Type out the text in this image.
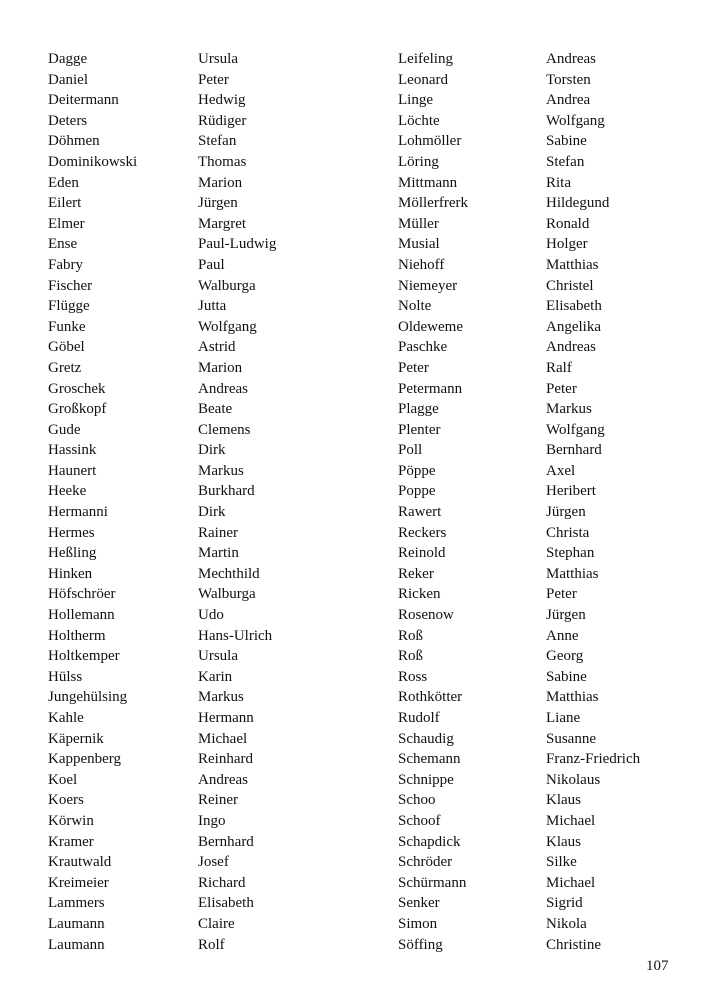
Dagge
Daniel
Deitermann
Deters
Döhmen
Dominikowski
Eden
Eilert
Elmer
Ense
Fabry
Fischer
Flügge
Funke
Göbel
Gretz
Groschek
Großkopf
Gude
Hassink
Haunert
Heeke
Hermanni
Hermes
Heßling
Hinken
Höfschröer
Hollemann
Holtherm
Holtkemper
Hülss
Jungehülsing
Kahle
Käpernik
Kappenberg
Koel
Koers
Körwin
Kramer
Krautwald
Kreimeier
Lammers
Laumann
Laumann
Ursula
Peter
Hedwig
Rüdiger
Stefan
Thomas
Marion
Jürgen
Margret
Paul-Ludwig
Paul
Walburga
Jutta
Wolfgang
Astrid
Marion
Andreas
Beate
Clemens
Dirk
Markus
Burkhard
Dirk
Rainer
Martin
Mechthild
Walburga
Udo
Hans-Ulrich
Ursula
Karin
Markus
Hermann
Michael
Reinhard
Andreas
Reiner
Ingo
Bernhard
Josef
Richard
Elisabeth
Claire
Rolf
Leifeling
Leonard
Linge
Löchte
Lohmöller
Löring
Mittmann
Möllerfrerk
Müller
Musial
Niehoff
Niemeyer
Nolte
Oldeweme
Paschke
Peter
Petermann
Plagge
Plenter
Poll
Pöppe
Poppe
Rawert
Reckers
Reinold
Reker
Ricken
Rosenow
Roß
Roß
Ross
Rothkötter
Rudolf
Schaudig
Schemann
Schnippe
Schoo
Schoof
Schapdick
Schröder
Schürmann
Senker
Simon
Söffing
Andreas
Torsten
Andrea
Wolfgang
Sabine
Stefan
Rita
Hildegund
Ronald
Holger
Matthias
Christel
Elisabeth
Angelika
Andreas
Ralf
Peter
Markus
Wolfgang
Bernhard
Axel
Heribert
Jürgen
Christa
Stephan
Matthias
Peter
Jürgen
Anne
Georg
Sabine
Matthias
Liane
Susanne
Franz-Friedrich
Nikolaus
Klaus
Michael
Klaus
Silke
Michael
Sigrid
Nikola
Christine
107
